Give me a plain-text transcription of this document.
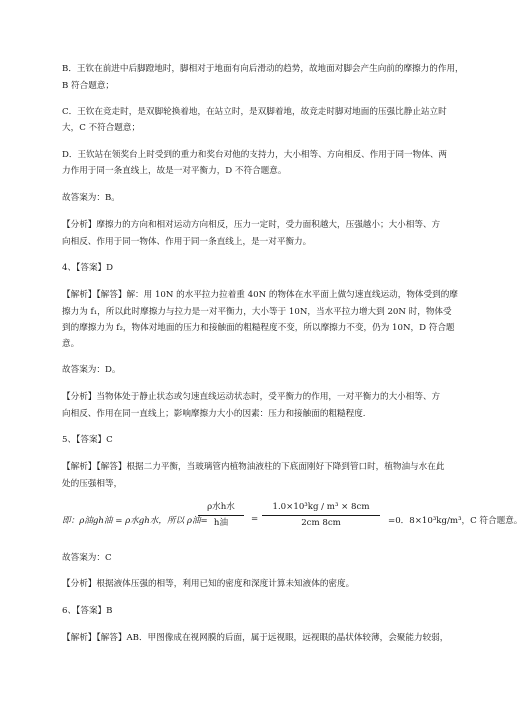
B．王钦在前进中后脚蹬地时，脚相对于地面有向后滑动的趋势，故地面对脚会产生向前的摩擦力的作用，
B 符合题意；
C．王钦在竞走时，是双脚轮换着地，在站立时，是双脚着地，故竞走时脚对地面的压强比静止站立时
大，C 不符合题意；
D．王钦站在领奖台上时受到的重力和奖台对他的支持力，大小相等、方向相反、作用于同一物体、两
力作用于同一条直线上，故是一对平衡力，D 不符合题意。
故答案为：B。
【分析】摩擦力的方向和相对运动方向相反，压力一定时，受力面积越大，压强越小；大小相等、方
向相反、作用于同一物体、作用于同一条直线上，是一对平衡力。
4、【答案】D
【解析】【解答】解：用 10N 的水平拉力拉着重 40N 的物体在水平面上做匀速直线运动，物体受到的摩
擦力为 f₁，所以此时摩擦力与拉力是一对平衡力，大小等于 10N，当水平拉力增大到 20N 时，物体受
到的摩擦力为 f₂，物体对地面的压力和接触面的粗糙程度不变，所以摩擦力不变，仍为 10N，D 符合题
意。
故答案为：D。
【分析】当物体处于静止状态或匀速直线运动状态时，受平衡力的作用，一对平衡力的大小相等、方
向相反、作用在同一直线上；影响摩擦力大小的因素：压力和接触面的粗糙程度.
5、【答案】C
【解析】【解答】根据二力平衡，当玻璃管内植物油液柱的下底面刚好下降到管口时，植物油与水在此
处的压强相等，
即：ρ油gh油 = ρ水gh水，所以 ρ油=
ρ水h水
h油	= $\frac{\text{1.0×10³kg / m³ × 8cm}}{2cm 8cm} =0$．8×10³kg/m³，C 符合题意。
故答案为：C
【分析】根据液体压强的相等，利用已知的密度和深度计算未知液体的密度。
6、【答案】B
【解析】【解答】AB．甲图像成在视网膜的后面，属于远视眼，远视眼的晶状体较薄，会聚能力较弱，
